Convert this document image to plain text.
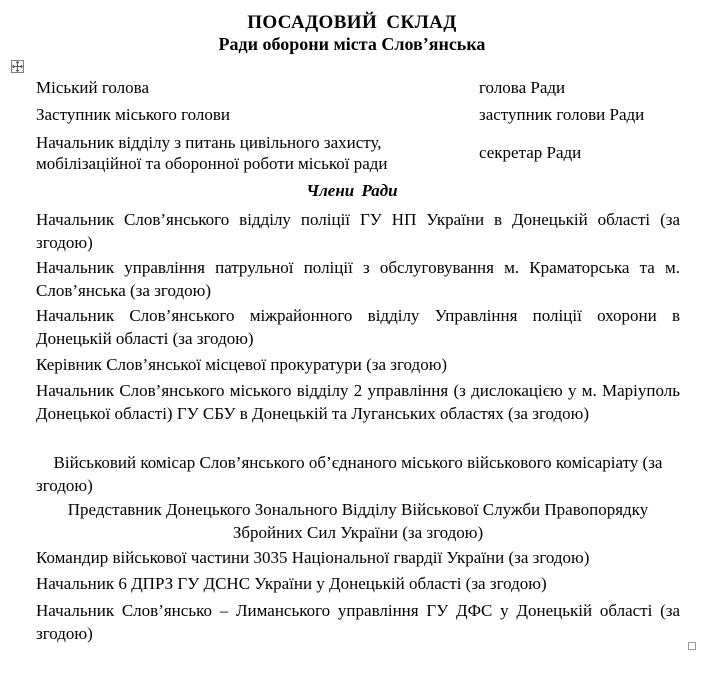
ПОСАДОВИЙ СКЛАД
Ради оборони міста Слов’янська
Міський голова	голова Ради
Заступник міського голови	заступник голови Ради
Начальник відділу з питань цивільного захисту,
мобілізаційної та оборонної роботи міської ради
секретар Ради
Члени Ради
Начальник Слов’янського відділу поліції ГУ НП України в Донецькій області (за згодою)
Начальник управління патрульної поліції з обслуговування м. Краматорська та м. Слов’янська (за згодою)
Начальник Слов’янського міжрайонного відділу Управління поліції охорони в Донецькій області (за згодою)
Керівник Слов’янської місцевої прокуратури (за згодою)
Начальник Слов’янського міського відділу 2 управління (з дислокацією у м. Маріуполь Донецької області) ГУ СБУ в Донецькій та Луганських областях (за згодою)
Військовий комісар Слов’янського об’єднаного міського військового комісаріату (за згодою)
Представник Донецького Зонального Відділу Військової Служби Правопорядку Збройних Сил України (за згодою)
Командир військової частини 3035 Національної гвардії України (за згодою)
Начальник 6 ДПРЗ ГУ ДСНС України у Донецькій області (за згодою)
Начальник Слов’янсько – Лиманського управління ГУ ДФС у Донецькій області (за згодою)
